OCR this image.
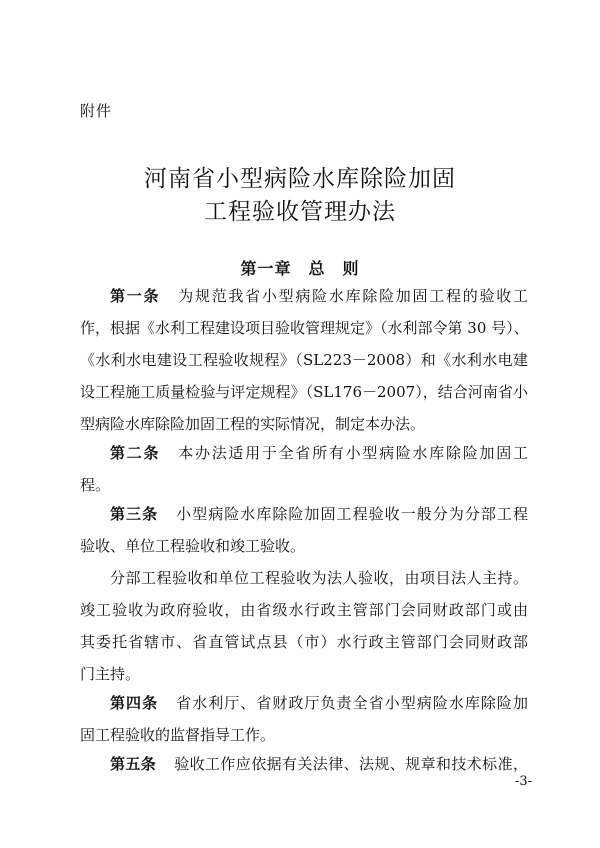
附件
河南省小型病险水库除险加固
工程验收管理办法
第一章　总　则
第一条 为规范我省小型病险水库除险加固工程的验收工
作，根据《水利工程建设项目验收管理规定》（水利部令第 30 号）、
《水利水电建设工程验收规程》（SL223－2008）和《水利水电建
设工程施工质量检验与评定规程》（SL176－2007），结合河南省小
型病险水库除险加固工程的实际情况，制定本办法。
第二条 本办法适用于全省所有小型病险水库除险加固工
程。
第三条 小型病险水库除险加固工程验收一般分为分部工程
验收、单位工程验收和竣工验收。
分部工程验收和单位工程验收为法人验收，由项目法人主持。
竣工验收为政府验收，由省级水行政主管部门会同财政部门或由
其委托省辖市、省直管试点县（市）水行政主管部门会同财政部
门主持。
第四条 省水利厅、省财政厅负责全省小型病险水库除险加
固工程验收的监督指导工作。
第五条 验收工作应依据有关法律、法规、规章和技术标准，
-3-
